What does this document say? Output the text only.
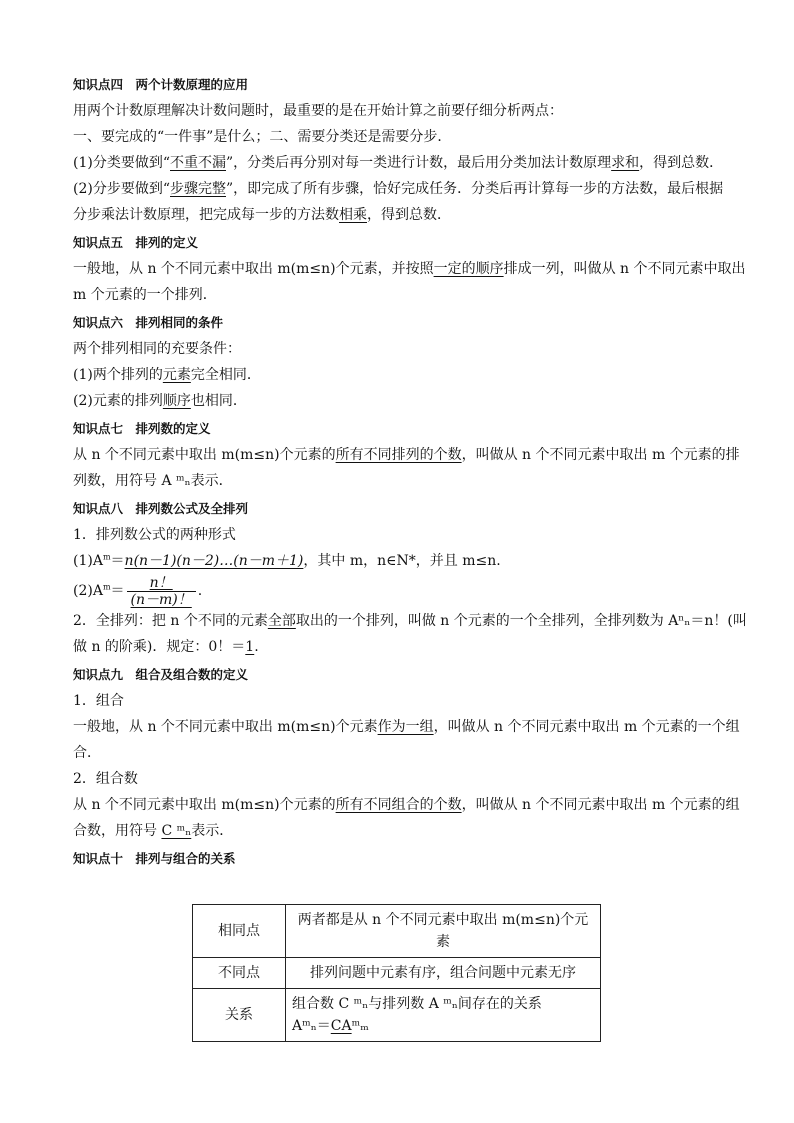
知识点四　两个计数原理的应用
用两个计数原理解决计数问题时，最重要的是在开始计算之前要仔细分析两点：
一、要完成的“一件事”是什么；二、需要分类还是需要分步．
(1)分类要做到“不重不漏”，分类后再分别对每一类进行计数，最后用分类加法计数原理求和，得到总数．
(2)分步要做到“步骤完整”，即完成了所有步骤，恰好完成任务．分类后再计算每一步的方法数，最后根据
分步乘法计数原理，把完成每一步的方法数相乘，得到总数．
知识点五　排列的定义
一般地，从 n 个不同元素中取出 m(m≤n)个元素，并按照一定的顺序排成一列，叫做从 n 个不同元素中取出
m 个元素的一个排列．
知识点六　排列相同的条件
两个排列相同的充要条件：
(1)两个排列的元素完全相同．
(2)元素的排列顺序也相同．
知识点七　排列数的定义
从 n 个不同元素中取出 m(m≤n)个元素的所有不同排列的个数，叫做从 n 个不同元素中取出 m 个元素的排
列数，用符号 A ᵐₙ表示．
知识点八　排列数公式及全排列
1．排列数公式的两种形式
$(1)A^m=n(n-1)(n-2)\dots(n-m+1)$，其中 m，n∈N*，并且 m≤n.
$(2)A^m= \frac{n!}{(n-m)!}$ .
2．全排列：把 n 个不同的元素全部取出的一个排列，叫做 n 个元素的一个全排列，全排列数为 Aⁿₙ＝n！(叫
做 n 的阶乘)．规定：0！＝1.
知识点九　组合及组合数的定义
1．组合
一般地，从 n 个不同元素中取出 m(m≤n)个元素作为一组，叫做从 n 个不同元素中取出 m 个元素的一个组
合．
2．组合数
从 n 个不同元素中取出 m(m≤n)个元素的所有不同组合的个数，叫做从 n 个不同元素中取出 m 个元素的组
合数，用符号 C ᵐₙ表示．
知识点十　排列与组合的关系
相同点	两者都是从 n 个不同元素中取出 m(m≤n)个元素
不同点	排列问题中元素有序，组合问题中元素无序
关系	组合数 C ᵐₙ与排列数 A ᵐₙ间存在的关系
Aᵐₙ＝CAᵐₘ
